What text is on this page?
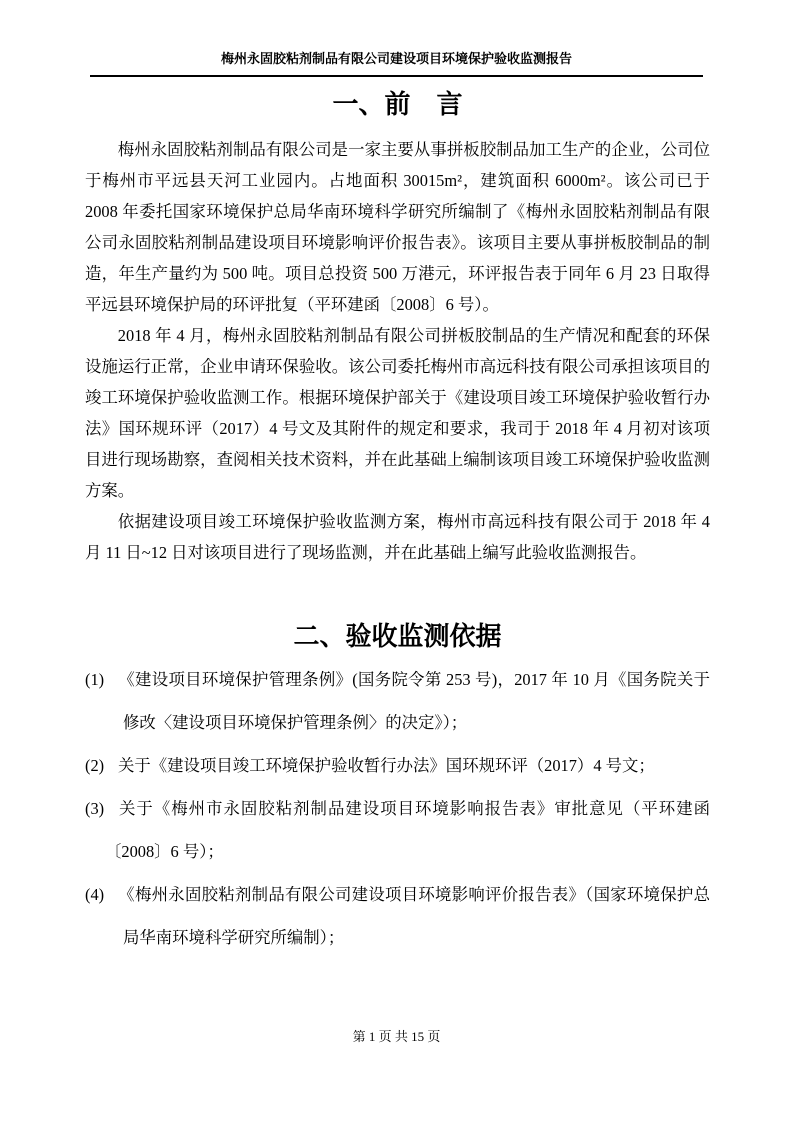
梅州永固胶粘剂制品有限公司建设项目环境保护验收监测报告
一、前　言

梅州永固胶粘剂制品有限公司是一家主要从事拼板胶制品加工生产的企业，公司位于梅州市平远县天河工业园内。占地面积 30015m²，建筑面积 6000m²。该公司已于 2008 年委托国家环境保护总局华南环境科学研究所编制了《梅州永固胶粘剂制品有限公司永固胶粘剂制品建设项目环境影响评价报告表》。该项目主要从事拼板胶制品的制造，年生产量约为 500 吨。项目总投资 500 万港元，环评报告表于同年 6 月 23 日取得平远县环境保护局的环评批复（平环建函〔2008〕6 号）。

2018 年 4 月，梅州永固胶粘剂制品有限公司拼板胶制品的生产情况和配套的环保设施运行正常，企业申请环保验收。该公司委托梅州市高远科技有限公司承担该项目的竣工环境保护验收监测工作。根据环境保护部关于《建设项目竣工环境保护验收暂行办法》国环规环评（2017）4 号文及其附件的规定和要求，我司于 2018 年 4 月初对该项目进行现场勘察，查阅相关技术资料，并在此基础上编制该项目竣工环境保护验收监测方案。

依据建设项目竣工环境保护验收监测方案，梅州市高远科技有限公司于 2018 年 4 月 11 日~12 日对该项目进行了现场监测，并在此基础上编写此验收监测报告。

二、验收监测依据

(1) 《建设项目环境保护管理条例》(国务院令第 253 号)，2017 年 10 月《国务院关于修改〈建设项目环境保护管理条例〉的决定》）；

(2) 关于《建设项目竣工环境保护验收暂行办法》国环规环评（2017）4 号文；

(3) 关于《梅州市永固胶粘剂制品建设项目环境影响报告表》审批意见（平环建函〔2008〕6 号）；

(4) 《梅州永固胶粘剂制品有限公司建设项目环境影响评价报告表》（国家环境保护总局华南环境科学研究所编制）；

第 1 页 共 15 页
